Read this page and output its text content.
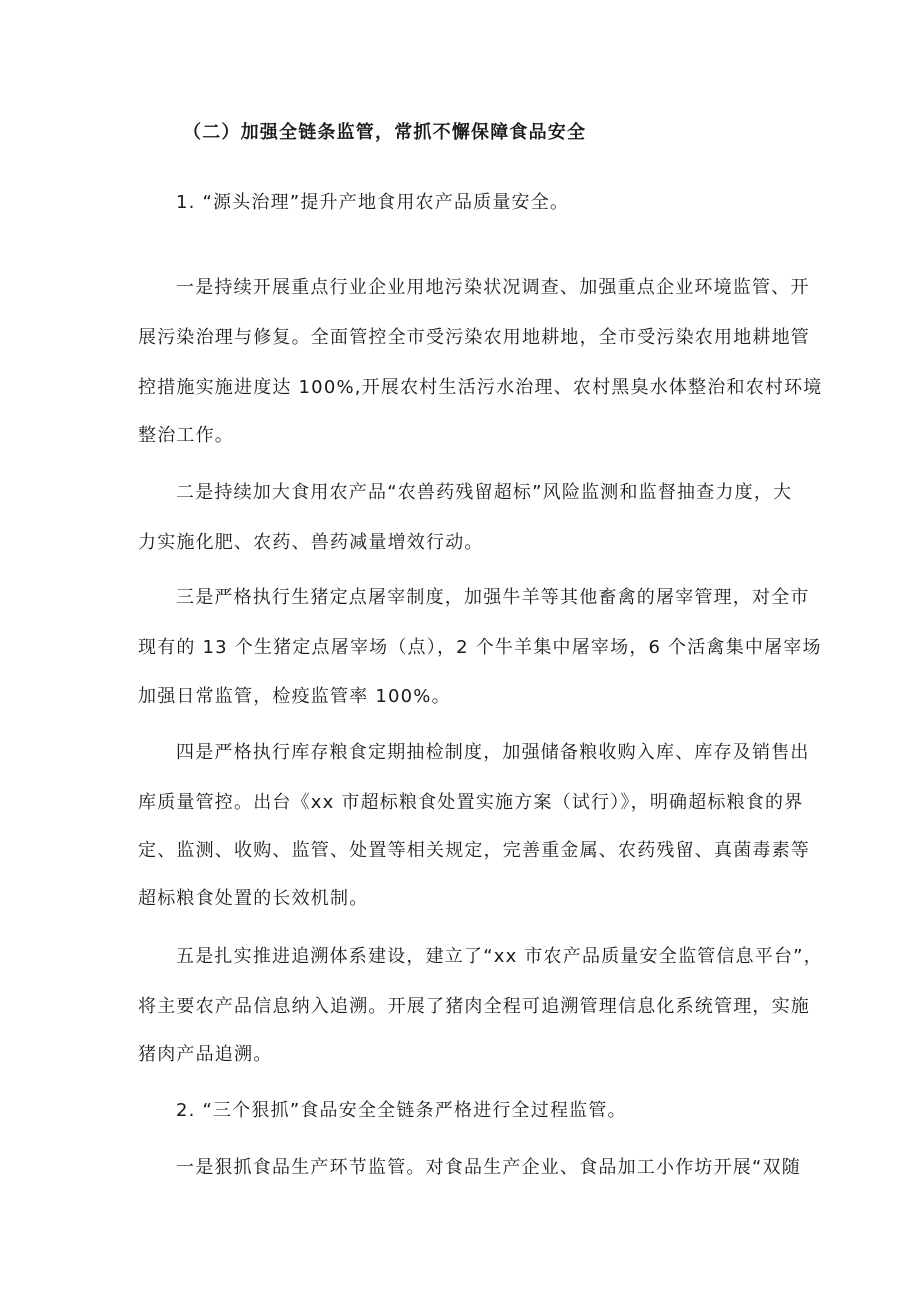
（二）加强全链条监管，常抓不懈保障食品安全
1. “源头治理”提升产地食用农产品质量安全。
一是持续开展重点行业企业用地污染状况调查、加强重点企业环境监管、开
展污染治理与修复。全面管控全市受污染农用地耕地，全市受污染农用地耕地管
控措施实施进度达 100%,开展农村生活污水治理、农村黑臭水体整治和农村环境
整治工作。
二是持续加大食用农产品“农兽药残留超标”风险监测和监督抽查力度，大
力实施化肥、农药、兽药减量增效行动。
三是严格执行生猪定点屠宰制度，加强牛羊等其他畜禽的屠宰管理，对全市
现有的 13 个生猪定点屠宰场（点），2 个牛羊集中屠宰场，6 个活禽集中屠宰场
加强日常监管，检疫监管率 100%。
四是严格执行库存粮食定期抽检制度，加强储备粮收购入库、库存及销售出
库质量管控。出台《xx 市超标粮食处置实施方案（试行）》，明确超标粮食的界
定、监测、收购、监管、处置等相关规定，完善重金属、农药残留、真菌毒素等
超标粮食处置的长效机制。
五是扎实推进追溯体系建设，建立了“xx 市农产品质量安全监管信息平台”，
将主要农产品信息纳入追溯。开展了猪肉全程可追溯管理信息化系统管理，实施
猪肉产品追溯。
2. “三个狠抓”食品安全全链条严格进行全过程监管。
一是狠抓食品生产环节监管。对食品生产企业、食品加工小作坊开展“双随
